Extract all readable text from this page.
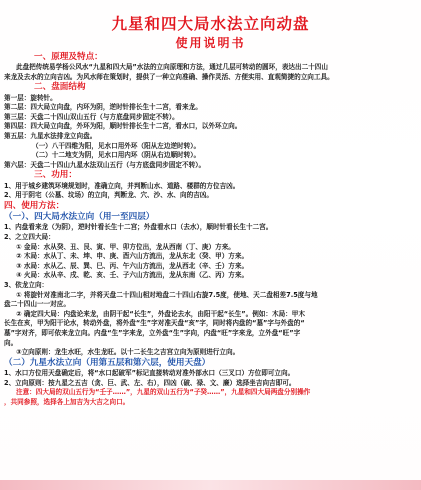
九星和四大局水法立向动盘
使用说明书
一、原理及特点：
此盘把传统易学杨公风水“九星和四大局”水法的立向原理和方法，通过几层可转动的圆环，表达出二十四山
来龙及去水的立向吉凶。为风水师在策划时，提供了一种立向准确、操作灵活、方便实用、直观简捷的立向工具。
二、盘面结构
第一层：旋转针。
第二层：四大局立向盘，内环为阴，逆时针排长生十二宫，看来龙。
第三层：天盘二十四山双山五行（与方底盘同步固定不转）。
第四层：四大局立向盘，外环为阳，顺时针排长生十二宫，看水口，以外环立向。
第五层：九星水法排龙立向盘。
（一）八干四维为阳，见水口用外环（阳从左边逆时转）。
（二）十二地支为阴，见水口用内环（阴从右边顺时转）。
第六层：天盘二十四山九星水法双山五行（与方底盘同步固定不转）。
三、功用：
1、用于城乡建筑环境规划时，准确立向，并判断山水、道路、楼群的方位吉凶。
2、用于阴宅（公墓、坟场）的立向，判断龙、穴、沙、水、向的吉凶。
四、使用方法：
（一）、四大局水法立向（用一至四层）
1、内盘看来龙（为阴），逆时针看长生十二宫；外盘看水口（去水），顺时针看长生十二宫。
2、之立四大局：
① 金局：水从癸、丑、艮、寅、甲、卯方位出，龙从西南（丁、庚）方来。
② 木局：水从丁、未、坤、申、庚、酉六山方流出，龙从东北（癸、甲）方来。
③ 水局：水从乙、辰、巽、巳、丙、午六山方流出，龙从西北（辛、壬）方来。
④ 火局：水从辛、戌、乾、亥、壬、子六山方流出，龙从东南（乙、丙）方来。
3、依龙立向：
① 将旋针对准南北二字，并将天盘二十四山相对地盘二十四山右旋7.5度，使地、天二盘相差7.5度与地
盘二十四山一一对应。
② 确定四大局：内盘论来龙，由阴干起“长生”，外盘论去水，由阳干起“长生”。例如：木局：甲木
长生在亥，甲为阳干论水，转动外盘，将外盘“生”字对准天盘“亥”字，同时将内盘的“墓”字与外盘的“
墓”字对齐，即可依来龙立向。内盘“生”字来龙，立外盘“生”字向，内盘“旺”字来龙，立外盘“旺”字
向。
③立向原则：龙生水旺，水生龙旺。以十二长生之吉宫立向为原则进行立向。
（二）九星水法立向（用第五层和第六层，使用天盘）
1、水口方位用天盘确定后，将“水口起破军”标记直接转动对准外部水口（三叉口）方位即可立向。
2、立向原则：按九星之五吉（贪、巨、武、左、右），四凶（破、禄、文、廉）选择坐吉向吉即可。
注意：四大局的双山五行为“壬子……”，九星的双山五行为“子癸……”，九星和四大局两盘分别操作
，共同参照，选择各上加吉为大吉之向口。
